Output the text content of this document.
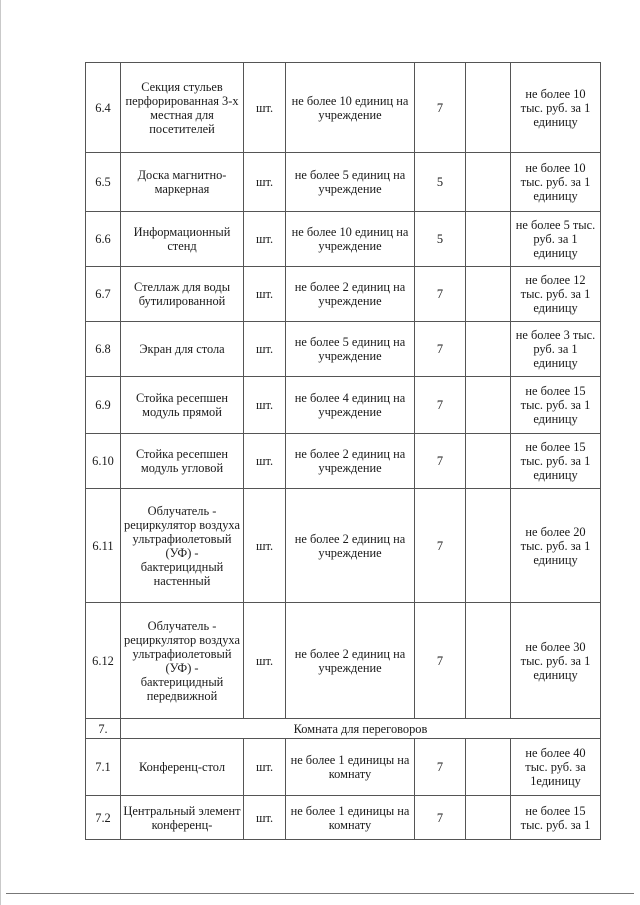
6.4	Секция стульев перфорированная 3-х местная для посетителей	шт.	не более 10 единиц на учреждение	7		не более 10 тыс. руб. за 1 единицу
6.5	Доска магнитно-маркерная	шт.	не более 5 единиц на учреждение	5		не более 10 тыс. руб. за 1 единицу
6.6	Информационный стенд	шт.	не более 10 единиц на учреждение	5		не более 5 тыс. руб. за 1 единицу
6.7	Стеллаж для воды бутилированной	шт.	не более 2 единиц на учреждение	7		не более 12 тыс. руб. за 1 единицу
6.8	Экран для стола	шт.	не более 5 единиц на учреждение	7		не более 3 тыс. руб. за 1 единицу
6.9	Стойка ресепшен модуль прямой	шт.	не более 4 единиц на учреждение	7		не более 15 тыс. руб. за 1 единицу
6.10	Стойка ресепшен модуль угловой	шт.	не более 2 единиц на учреждение	7		не более 15 тыс. руб. за 1 единицу
6.11	Облучатель - рециркулятор воздуха ультрафиолетовый (УФ) - бактерицидный настенный	шт.	не более 2 единиц на учреждение	7		не более 20 тыс. руб. за 1 единицу
6.12	Облучатель - рециркулятор воздуха ультрафиолетовый (УФ) - бактерицидный передвижной	шт.	не более 2 единиц на учреждение	7		не более 30 тыс. руб. за 1 единицу
7.	Комната для переговоров					
7.1	Конференц-стол	шт.	не более 1 единицы на комнату	7		не более 40 тыс. руб. за 1единицу
7.2	Центральный элемент конференц-	шт.	не более 1 единицы на комнату	7		не более 15 тыс. руб. за 1
